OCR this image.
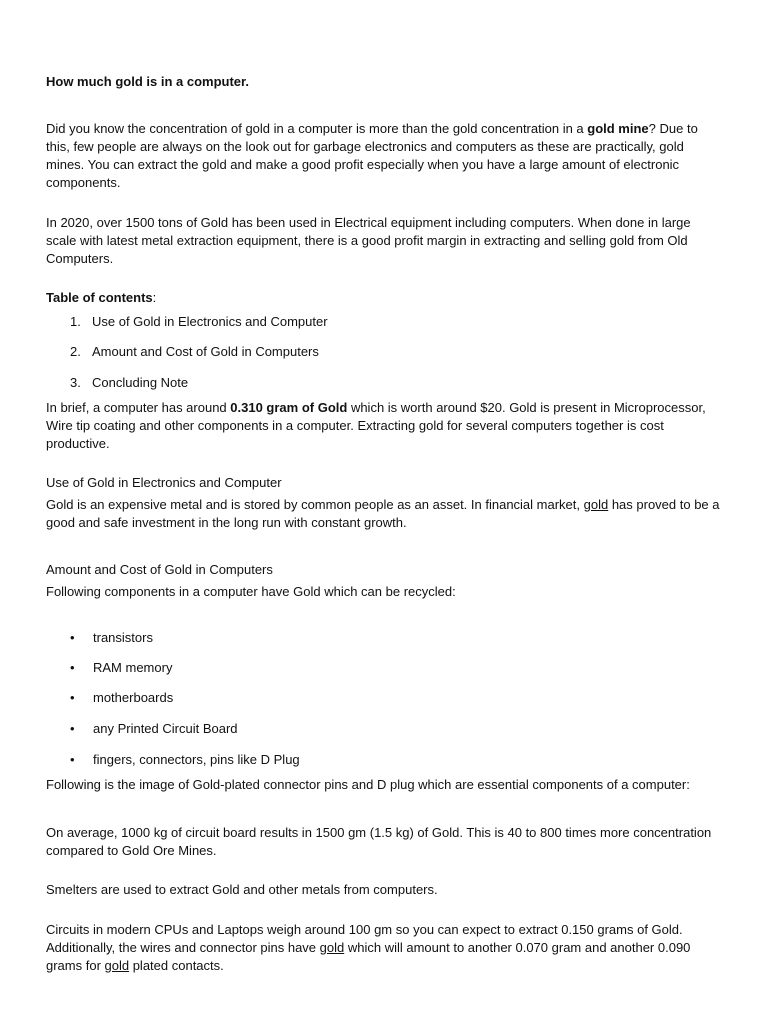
How much gold is in a computer.
Did you know the concentration of gold in a computer is more than the gold concentration in a gold mine? Due to this, few people are always on the look out for garbage electronics and computers as these are practically, gold mines. You can extract the gold and make a good profit especially when you have a large amount of electronic components.
In 2020, over 1500 tons of Gold has been used in Electrical equipment including computers. When done in large scale with latest metal extraction equipment, there is a good profit margin in extracting and selling gold from Old Computers.
Table of contents:
1. Use of Gold in Electronics and Computer
2. Amount and Cost of Gold in Computers
3. Concluding Note
In brief, a computer has around 0.310 gram of Gold which is worth around $20. Gold is present in Microprocessor, Wire tip coating and other components in a computer. Extracting gold for several computers together is cost productive.
Use of Gold in Electronics and Computer
Gold is an expensive metal and is stored by common people as an asset. In financial market, gold has proved to be a good and safe investment in the long run with constant growth.
Amount and Cost of Gold in Computers
Following components in a computer have Gold which can be recycled:
•	transistors
•	RAM memory
•	motherboards
•	any Printed Circuit Board
•	fingers, connectors, pins like D Plug
Following is the image of Gold-plated connector pins and D plug which are essential components of a computer:
On average, 1000 kg of circuit board results in 1500 gm (1.5 kg) of Gold. This is 40 to 800 times more concentration compared to Gold Ore Mines.
Smelters are used to extract Gold and other metals from computers.
Circuits in modern CPUs and Laptops weigh around 100 gm so you can expect to extract 0.150 grams of Gold. Additionally, the wires and connector pins have gold which will amount to another 0.070 gram and another 0.090 grams for gold plated contacts.
